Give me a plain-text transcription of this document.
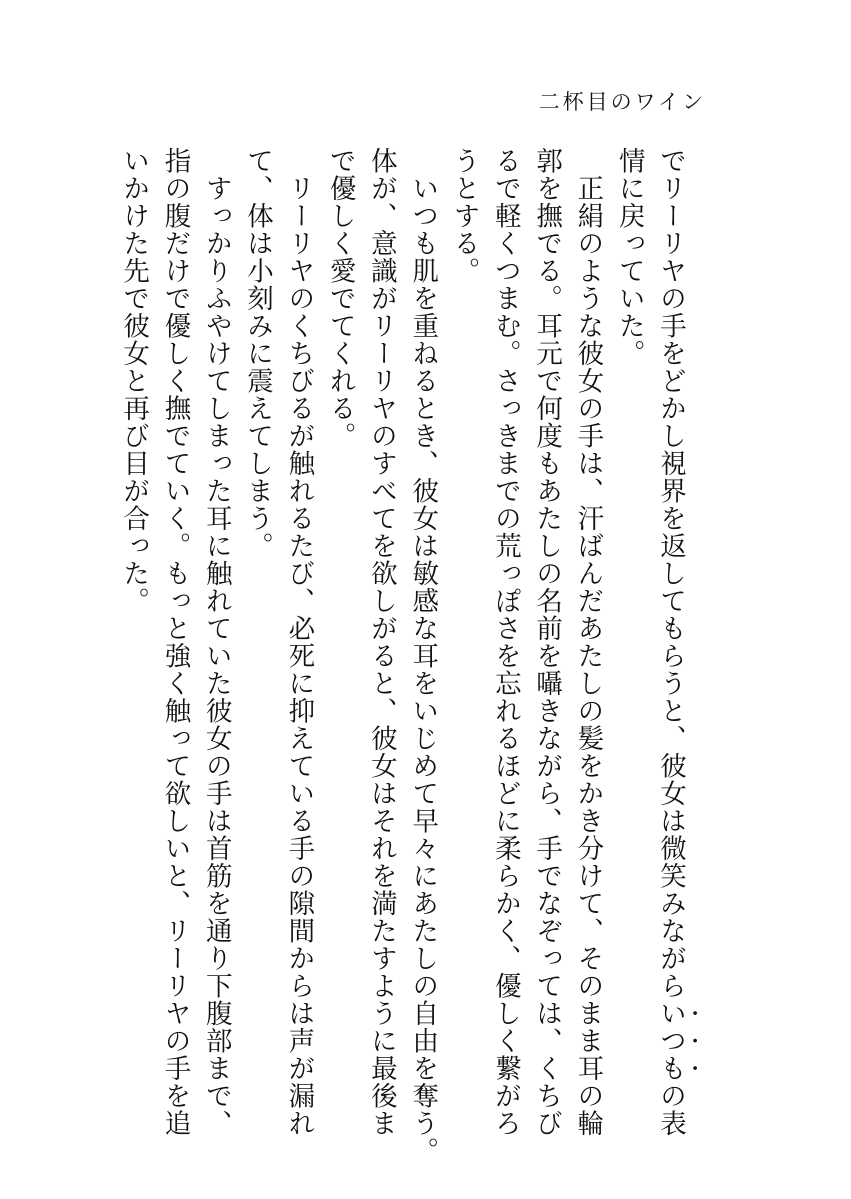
二杯目のワイン

でリーリヤの手をどかし視界を返してもらうと、彼女は微笑みながらいつもの表

情に戻っていた。

　正絹のような彼女の手は、汗ばんだあたしの髪をかき分けて、そのまま耳の輪

郭を撫でる。耳元で何度もあたしの名前を囁きながら、手でなぞっては、くちび

るで軽くつまむ。さっきまでの荒っぽさを忘れるほどに柔らかく、優しく繋がろ

うとする。

　いつも肌を重ねるとき、彼女は敏感な耳をいじめて早々にあたしの自由を奪う。

体が、意識がリーリヤのすべてを欲しがると、彼女はそれを満たすように最後ま

で優しく愛でてくれる。

　リーリヤのくちびるが触れるたび、必死に抑えている手の隙間からは声が漏れ

て、体は小刻みに震えてしまう。

　すっかりふやけてしまった耳に触れていた彼女の手は首筋を通り下腹部まで、

指の腹だけで優しく撫でていく。もっと強く触って欲しいと、リーリヤの手を追

いかけた先で彼女と再び目が合った。
